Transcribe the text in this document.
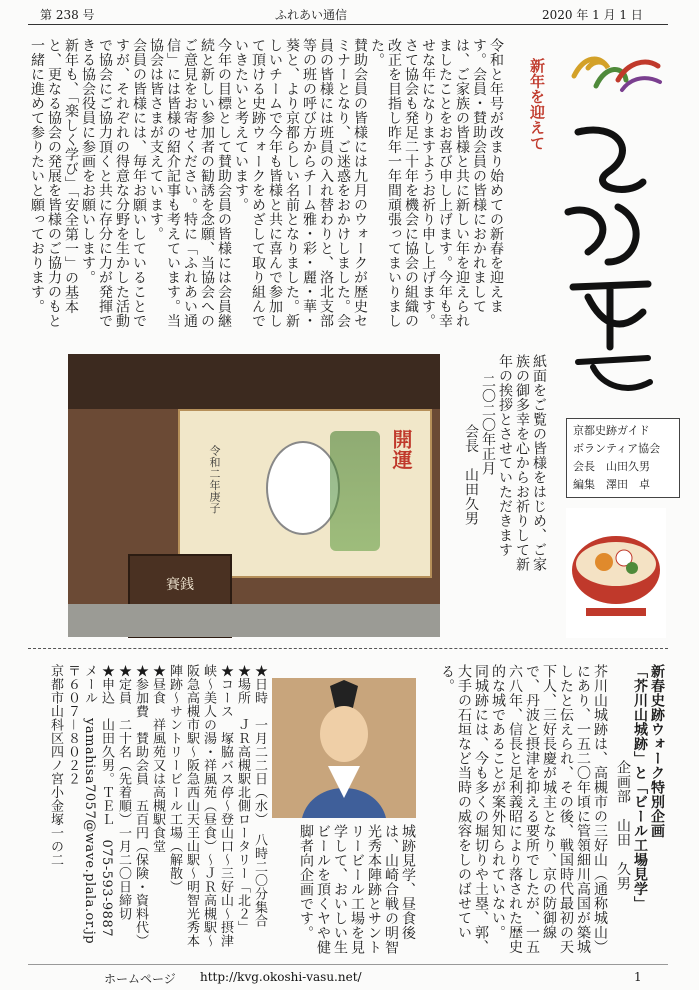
第 238 号	ふれあい通信	2020 年 1 月 1 日
令和と年号が改まり始めての新春を迎えます。会員・賛助会員の皆様におかれましては、ご家族の皆様と共に新しい年を迎えられましたことをお喜び申し上げます。今年も幸せな年になりますようお祈り申し上げます。
さて協会も発足二十年を機会に協会の組織の改正を目指し昨年一年間頑張ってまいりました。
賛助会員の皆様には九月のウォークが歴史セミナーとなり、ご迷惑をおかけしました。会員の皆様には班員の入れ替わりと、洛北支部等の班の呼び方からチーム雅・彩・麗・華・葵と、より京都らしい名前となりました。新しいチームで今年も皆様と共に喜んで参加して頂ける史跡ウォークをめざして取り組んでいきたいと考えています。
今年の目標として賛助会員の皆様には会員継続と新しい参加者の勧誘を念願、当協会へのご意見をお寄せください。特に「ふれあい通信」には皆様の紹介記事も考えています。当協会は皆さまが支えています。
会員の皆様には、毎年お願いしていることですが、それぞれの得意な分野を生かした活動で協会にご協力頂くと共に存分に力が発揮できる協会役員に参画をお願いします。
新年も、「楽しく学び」「安全第一」の基本と、更なる協会の発展を皆様のご協力のもと一緒に進めて参りたいと願っております。	新年を迎えて
開運
令和二年庚子
賽銭
紙面をご覧の皆様をはじめ、ご家族の御多幸を心からお祈りして新年の挨拶とさせていただきます
二〇二〇年正月
会長　山田久男	京都史跡ガイド
ボランティア協会
会長　山田久男
編集　澤田　卓
新春史跡ウォーク特別企画
「芥川山城跡」と「ビール工場見学」
企画部　山田　久男
芥川山城跡は、高槻市の三好山（通称城山）にあり、一五二〇年頃に管領細川高国が築城したと伝えられ、その後、戦国時代最初の天下人、三好長慶が城主となり、京の防御線で、丹波と摂津を抑える要所でしたが、一五六八年、信長と足利義昭により落された歴史的な城であることが案外知られていない。
同城跡には、今も多くの堀切りや土塁、郭、大手の石垣など当時の威容をしのばせている。
城跡見学、昼食後は、山崎合戦の明智光秀本陣跡とサントリービール工場を見学して、おいしい生ビールを頂くヤや健脚者向企画です。
★日時　一月二二日（水）　八時二〇分集合
★場所　ＪＲ高槻駅北側ロータリー「北２」
★コース　塚脇バス停～登山口～三好山～摂津峡～美人の湯・祥風苑（昼食）～ＪＲ高槻駅～阪急高槻市駅～阪急西山天王山駅～明智光秀本陣跡～サントリービール工場（解散）
★昼食　祥風苑又は高槻駅食堂
★参加費　賛助会員　五百円（保険・資料代）
★定員　二十名（先着順）一月二〇日締切
★申込　山田久男。ＴＥＬ　075-593-9887
メール　yamahisa7057@wave.plala.or.jp
〒６０７－８０２２
京都市山科区四ノ宮小金塚一の二
ホームページ http://kvg.okoshi-vasu.net/	1
